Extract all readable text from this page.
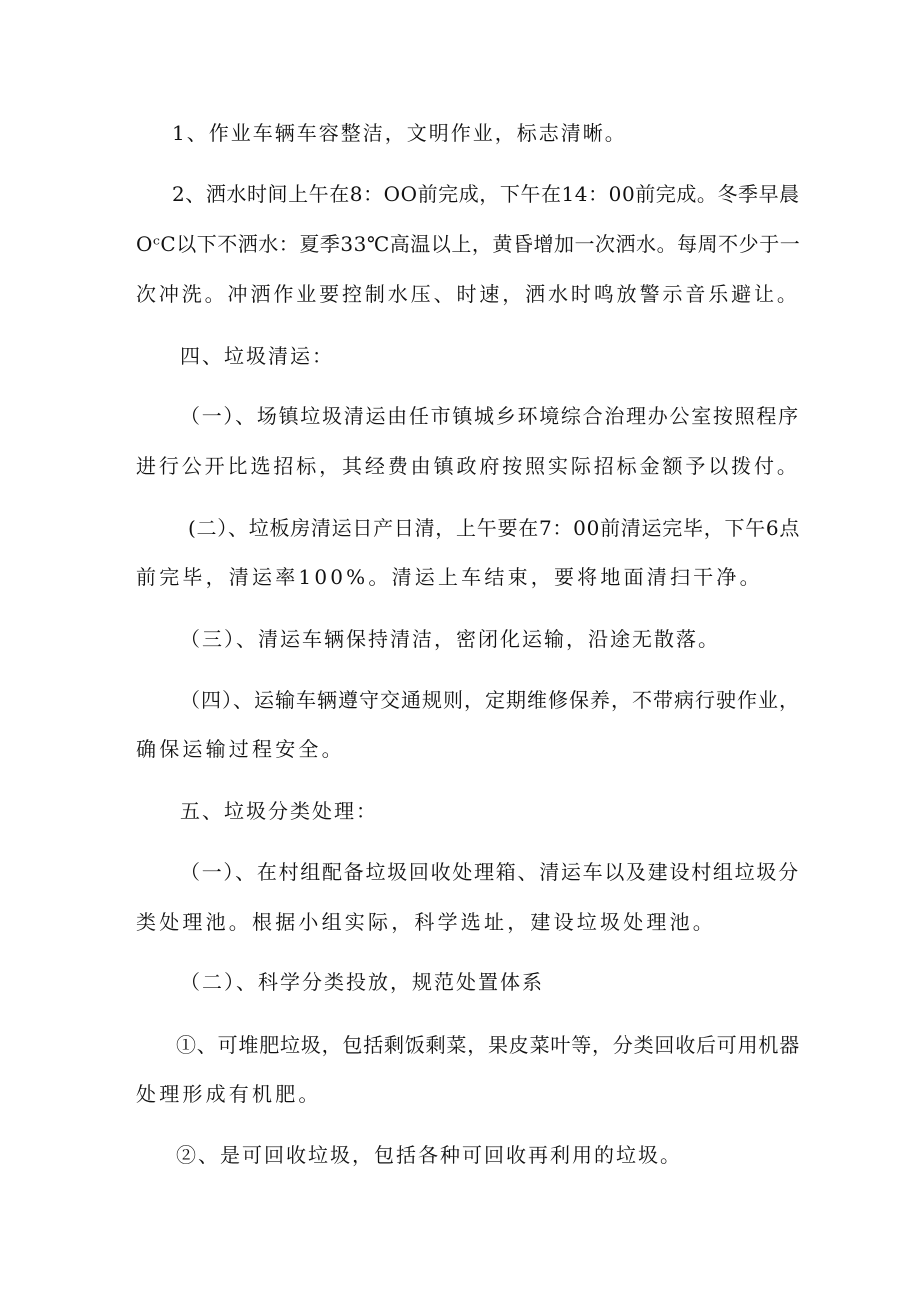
1、作业车辆车容整洁，文明作业，标志清晰。
2、洒水时间上午在8：OO前完成，下午在14：00前完成。冬季早晨
OᶜC以下不洒水：夏季33℃高温以上，黄昏增加一次洒水。每周不少于一
次冲洗。冲洒作业要控制水压、时速，洒水时鸣放警示音乐避让。
四、垃圾清运：
（一）、场镇垃圾清运由任市镇城乡环境综合治理办公室按照程序
进行公开比选招标，其经费由镇政府按照实际招标金额予以拨付。
(二）、垃板房清运日产日清，上午要在7：00前清运完毕，下午6点
前完毕，清运率100%。清运上车结束，要将地面清扫干净。
（三）、清运车辆保持清洁，密闭化运输，沿途无散落。
（四）、运输车辆遵守交通规则，定期维修保养，不带病行驶作业，
确保运输过程安全。
五、垃圾分类处理：
（一）、在村组配备垃圾回收处理箱、清运车以及建设村组垃圾分
类处理池。根据小组实际，科学选址，建设垃圾处理池。
（二）、科学分类投放，规范处置体系
①、可堆肥垃圾，包括剩饭剩菜，果皮菜叶等，分类回收后可用机器
处理形成有机肥。
②、是可回收垃圾，包括各种可回收再利用的垃圾。
